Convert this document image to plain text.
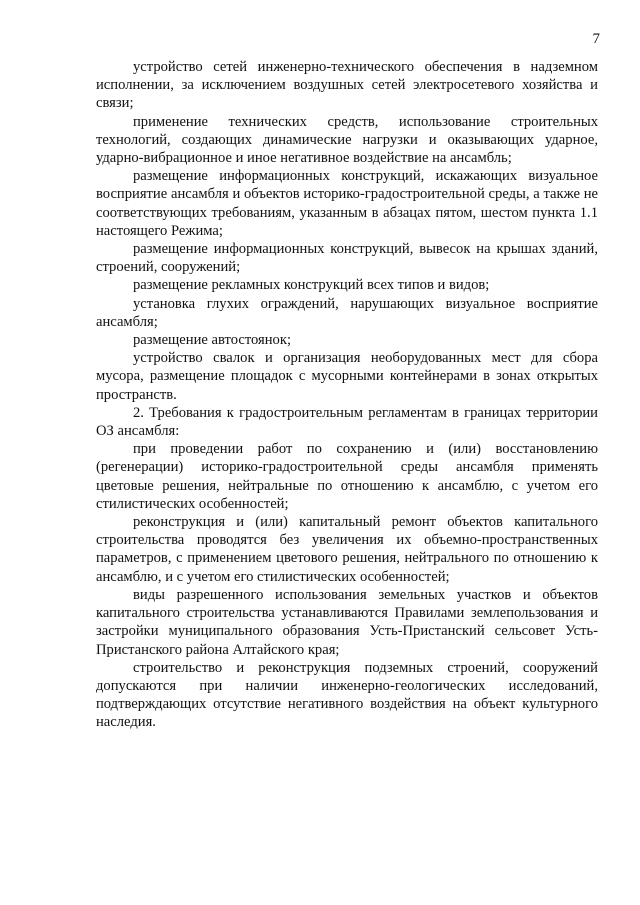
7

устройство сетей инженерно-технического обеспечения в надземном исполнении, за исключением воздушных сетей электросетевого хозяйства и связи;

применение технических средств, использование строительных технологий, создающих динамические нагрузки и оказывающих ударное, ударно-вибрационное и иное негативное воздействие на ансамбль;

размещение информационных конструкций, искажающих визуальное восприятие ансамбля и объектов историко-градостроительной среды, а также не соответствующих требованиям, указанным в абзацах пятом, шестом пункта 1.1 настоящего Режима;

размещение информационных конструкций, вывесок на крышах зданий, строений, сооружений;

размещение рекламных конструкций всех типов и видов;

установка глухих ограждений, нарушающих визуальное восприятие ансамбля;

размещение автостоянок;

устройство свалок и организация необорудованных мест для сбора мусора, размещение площадок с мусорными контейнерами в зонах открытых пространств.

2. Требования к градостроительным регламентам в границах территории ОЗ ансамбля:

при проведении работ по сохранению и (или) восстановлению (регенерации) историко-градостроительной среды ансамбля применять цветовые решения, нейтральные по отношению к ансамблю, с учетом его стилистических особенностей;

реконструкция и (или) капитальный ремонт объектов капитального строительства проводятся без увеличения их объемно-пространственных параметров, с применением цветового решения, нейтрального по отношению к ансамблю, и с учетом его стилистических особенностей;

виды разрешенного использования земельных участков и объектов капитального строительства устанавливаются Правилами землепользования и застройки муниципального образования Усть-Пристанский сельсовет Усть-Пристанского района Алтайского края;

строительство и реконструкция подземных строений, сооружений допускаются при наличии инженерно-геологических исследований, подтверждающих отсутствие негативного воздействия на объект культурного наследия.
